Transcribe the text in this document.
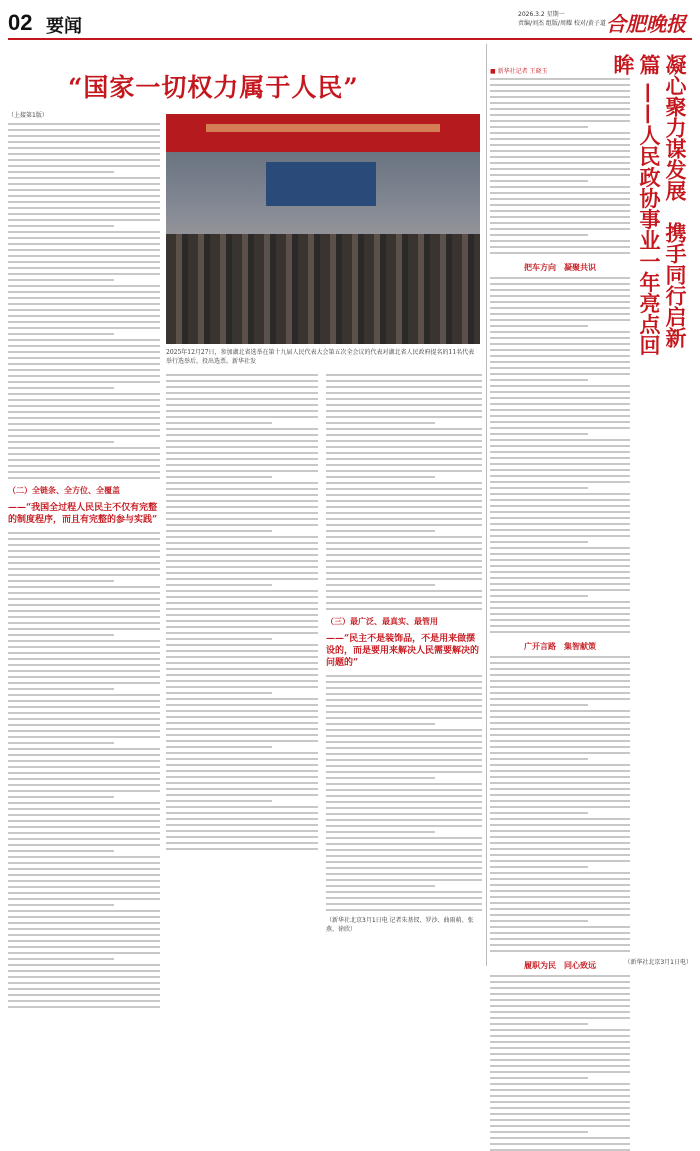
02 要闻
2026.3.2 星期一
责编/刘杰 组版/周耀 校对/黄子道 合肥晚报
“国家一切权力属于人民”
（上接第1版）
（二）全链条、全方位、全覆盖
——“我国全过程人民民主不仅有完整的制度程序，而且有完整的参与实践”
2025年12月27日，参加湖北省选举在第十九届人民代表大会第五次全会议的代表对湖北省人民政府提名的11名代表举行选举后，投出选票。新华社发
（三）最广泛、最真实、最管用
——“民主不是装饰品，不是用来做摆设的，而是要用来解决人民需要解决的问题的”
（新华社北京3月1日电 记者朱基钗、罗沙、曲雨萌、张燕、徐欣）
■ 新华社记者 王晓玉	凝心聚力谋发展　携手同行启新篇 ——人民政协事业一年亮点回眸
把车方向　凝聚共识
广开言路　集智献策
履职为民　同心致远	（新华社北京3月1日电）
